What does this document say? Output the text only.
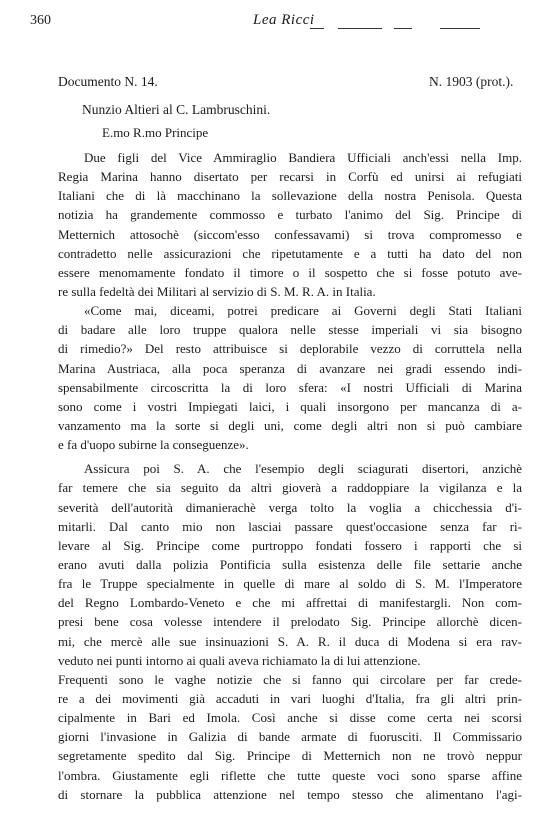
360	Lea Ricci
Documento N. 14.	N. 1903 (prot.).
Nunzio Altieri al C. Lambruschini.
E.mo R.mo Principe
Due figli del Vice Ammiraglio Bandiera Ufficiali anch'essi nella Imp.
Regia Marina hanno disertato per recarsi in Corfù ed unirsi ai refugiati
Italiani che di là macchinano la sollevazione della nostra Penisola. Questa
notizia ha grandemente commosso e turbato l'animo del Sig. Principe di
Metternich attosochè (siccom'esso confessavami) si trova compromesso e
contradetto nelle assicurazioni che ripetutamente e a tutti ha dato del non
essere menomamente fondato il timore o il sospetto che si fosse potuto ave-
re sulla fedeltà dei Militari al servizio di S. M. R. A. in Italia.
«Come mai, diceami, potrei predicare ai Governi degli Stati Italiani
di badare alle loro truppe qualora nelle stesse imperiali vi sia bisogno
di rimedio?» Del resto attribuisce si deplorabile vezzo di corruttela nella
Marina Austriaca, alla poca speranza di avanzare nei gradi essendo indi-
spensabilmente circoscritta la di loro sfera: «I nostri Ufficiali di Marina
sono come i vostri Impiegati laici, i quali insorgono per mancanza di a-
vanzamento ma la sorte si degli uni, come degli altri non si può cambiare
e fa d'uopo subirne la conseguenze».
Assicura poi S. A. che l'esempio degli sciagurati disertori, anzichè
far temere che sia seguito da altri gioverà a raddoppiare la vigilanza e la
severità dell'autorità dimanierachè verga tolto la voglia a chicchessia d'i-
mitarli. Dal canto mio non lasciai passare quest'occasione senza far ri-
levare al Sig. Principe come purtroppo fondati fossero i rapporti che si
erano avuti dalla polizia Pontificia sulla esistenza delle file settarie anche
fra le Truppe specialmente in quelle di mare al soldo di S. M. l'Imperatore
del Regno Lombardo-Veneto e che mi affrettai di manifestargli. Non com-
presi bene cosa volesse intendere il prelodato Sig. Principe allorchè dicen-
mi, che mercè alle sue insinuazioni S. A. R. il duca di Modena si era rav-
veduto nei punti intorno ai quali aveva richiamato la di lui attenzione.
Frequenti sono le vaghe notizie che si fanno qui circolare per far crede-
re a dei movimenti già accaduti in vari luoghi d'Italia, fra gli altri prin-
cipalmente in Bari ed Imola. Così anche si disse come certa nei scorsi
giorni l'invasione in Galizia di bande armate di fuorusciti. Il Commissario
segretamente spedito dal Sig. Principe di Metternich non ne trovò neppur
l'ombra. Giustamente egli riflette che tutte queste voci sono sparse affine
di stornare la pubblica attenzione nel tempo stesso che alimentano l'agi-
